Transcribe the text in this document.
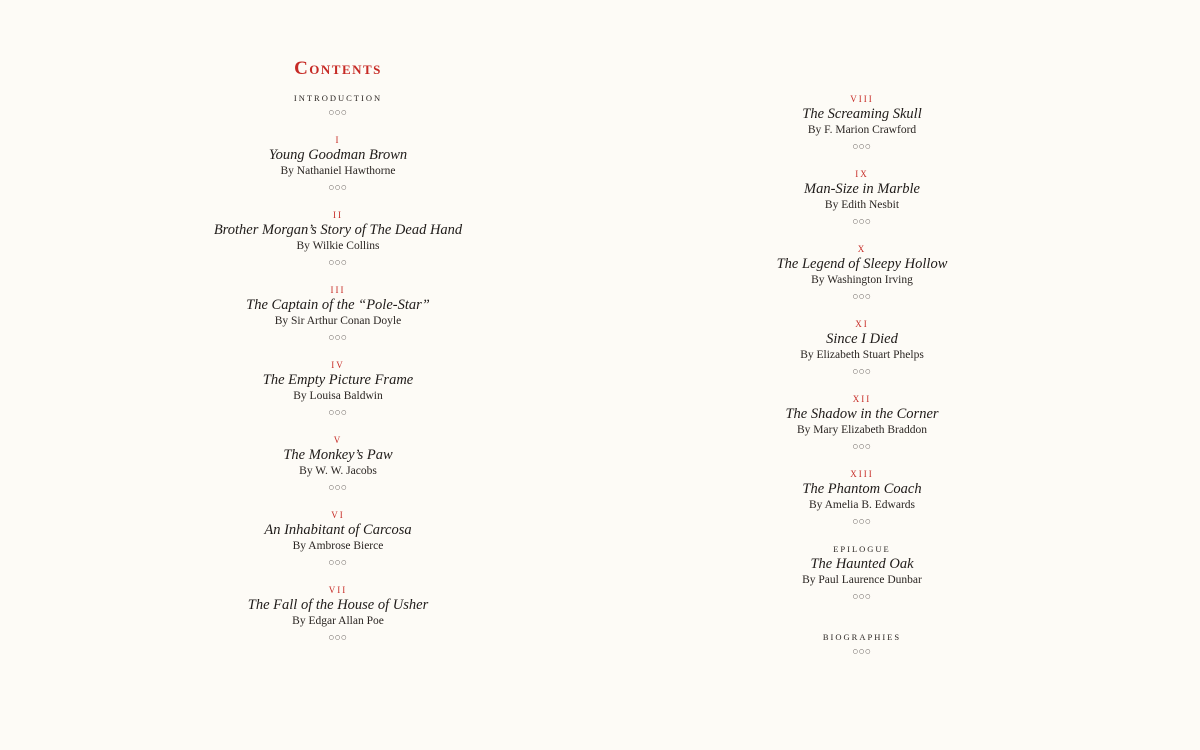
Contents
INTRODUCTION
○○○
I
Young Goodman Brown
By Nathaniel Hawthorne
○○○
II
Brother Morgan’s Story of The Dead Hand
By Wilkie Collins
○○○
III
The Captain of the “Pole-Star”
By Sir Arthur Conan Doyle
○○○
IV
The Empty Picture Frame
By Louisa Baldwin
○○○
V
The Monkey’s Paw
By W. W. Jacobs
○○○
VI
An Inhabitant of Carcosa
By Ambrose Bierce
○○○
VII
The Fall of the House of Usher
By Edgar Allan Poe
○○○
VIII
The Screaming Skull
By F. Marion Crawford
○○○
IX
Man-Size in Marble
By Edith Nesbit
○○○
X
The Legend of Sleepy Hollow
By Washington Irving
○○○
XI
Since I Died
By Elizabeth Stuart Phelps
○○○
XII
The Shadow in the Corner
By Mary Elizabeth Braddon
○○○
XIII
The Phantom Coach
By Amelia B. Edwards
○○○
EPILOGUE
The Haunted Oak
By Paul Laurence Dunbar
○○○
BIOGRAPHIES
○○○
